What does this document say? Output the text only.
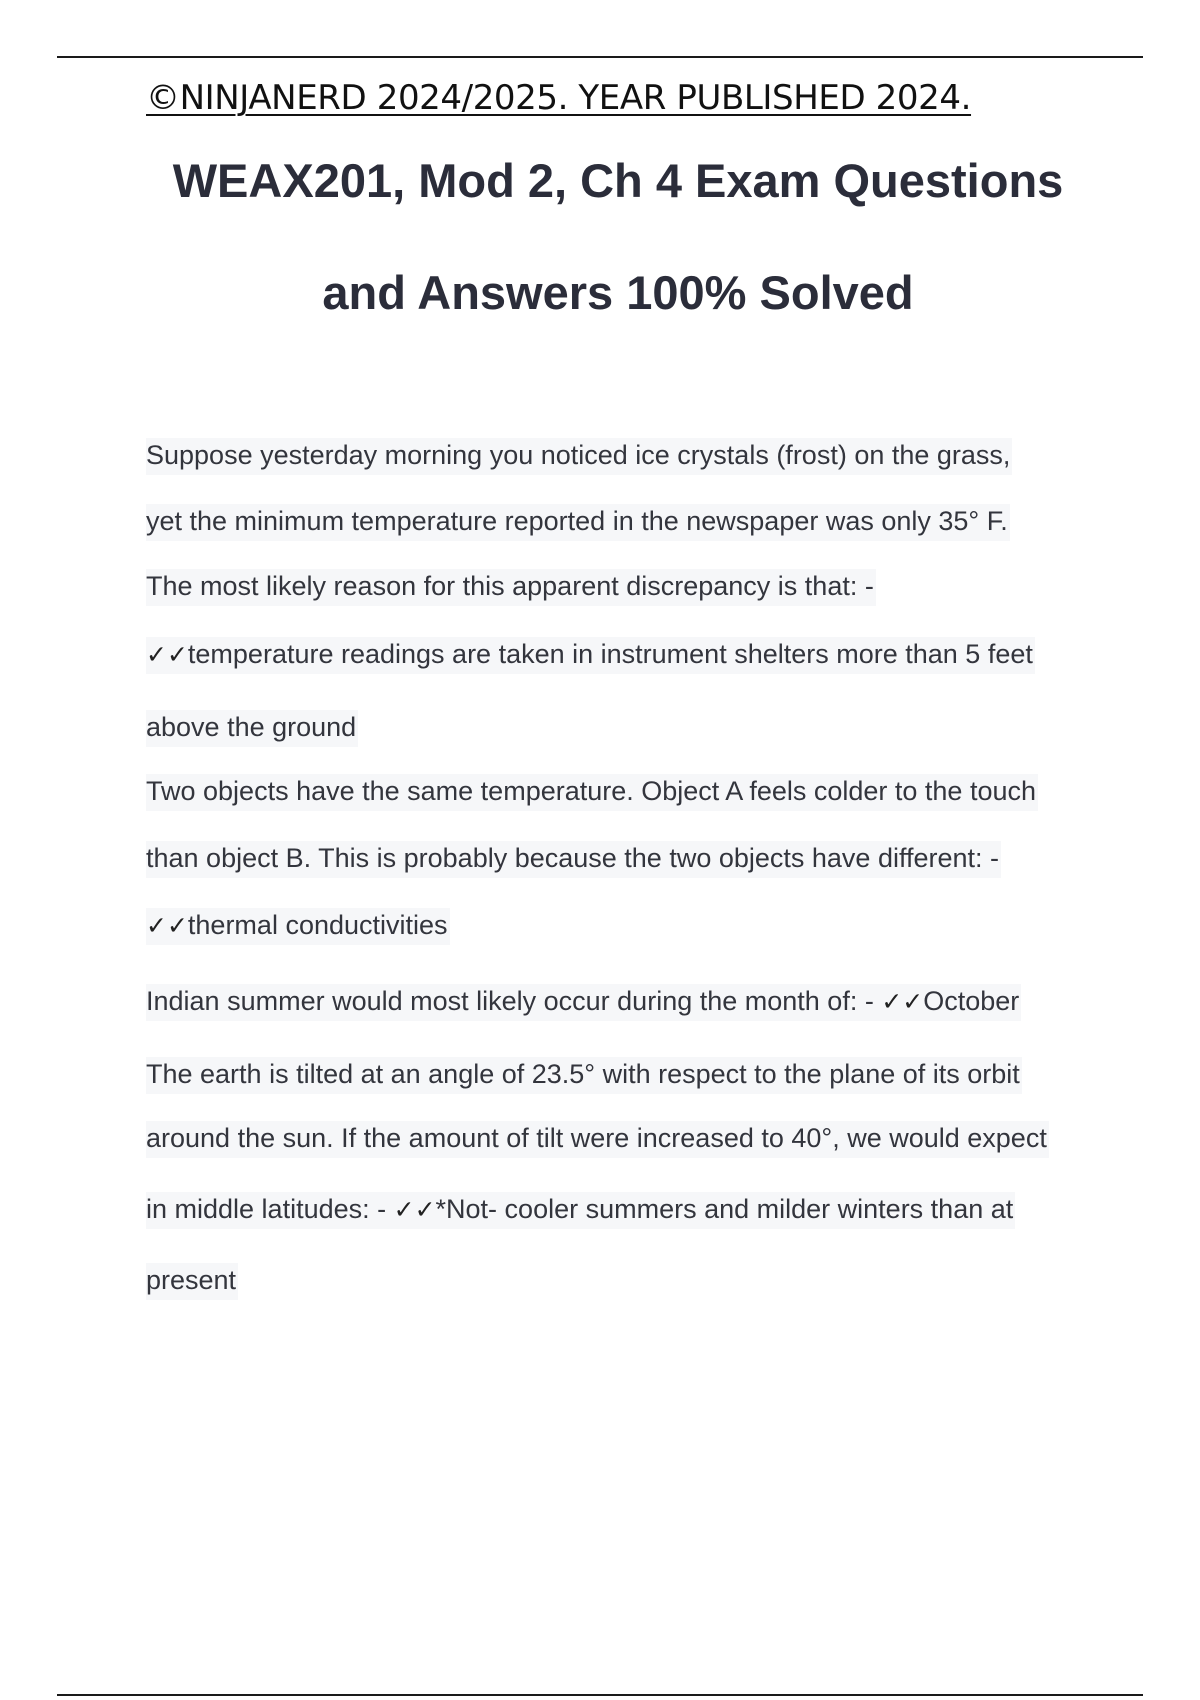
©NINJANERD 2024/2025. YEAR PUBLISHED 2024.
WEAX201, Mod 2, Ch 4 Exam Questions
and Answers 100% Solved
Suppose yesterday morning you noticed ice crystals (frost) on the grass,
yet the minimum temperature reported in the newspaper was only 35° F.
The most likely reason for this apparent discrepancy is that: -
✓✓temperature readings are taken in instrument shelters more than 5 feet
above the ground
Two objects have the same temperature. Object A feels colder to the touch
than object B. This is probably because the two objects have different: -
✓✓thermal conductivities
Indian summer would most likely occur during the month of: - ✓✓October
The earth is tilted at an angle of 23.5° with respect to the plane of its orbit
around the sun. If the amount of tilt were increased to 40°, we would expect
in middle latitudes: - ✓✓*Not- cooler summers and milder winters than at
present
